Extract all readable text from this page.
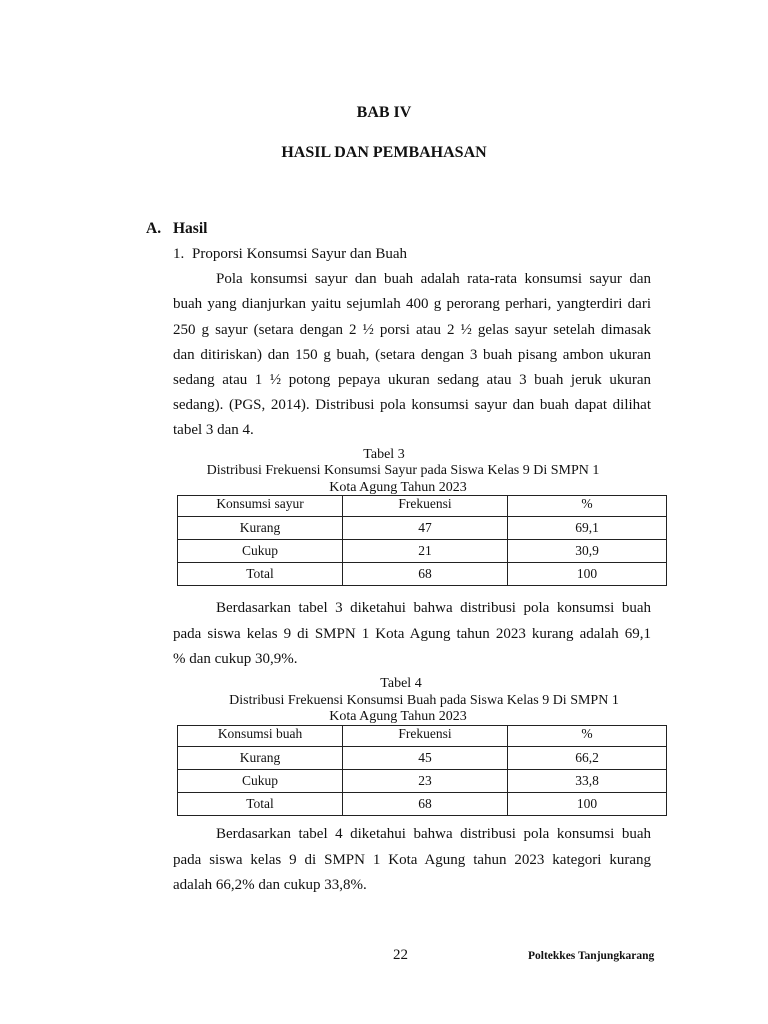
BAB IV
HASIL DAN PEMBAHASAN
A. Hasil
1. Proporsi Konsumsi Sayur dan Buah
Pola konsumsi sayur dan buah adalah rata-rata konsumsi sayur dan
buah yang dianjurkan yaitu sejumlah 400 g perorang perhari, yangterdiri dari
250 g sayur (setara dengan 2 ½ porsi atau 2 ½ gelas sayur setelah dimasak
dan ditiriskan) dan 150 g buah, (setara dengan 3 buah pisang ambon ukuran
sedang atau 1 ½ potong pepaya ukuran sedang atau 3 buah jeruk ukuran
sedang). (PGS, 2014). Distribusi pola konsumsi sayur dan buah dapat dilihat
tabel 3 dan 4.
Tabel 3
Distribusi Frekuensi Konsumsi Sayur pada Siswa Kelas 9 Di SMPN 1
Kota Agung Tahun 2023
Konsumsi sayur	Frekuensi	%
Kurang	47	69,1
Cukup	21	30,9
Total	68	100
Berdasarkan tabel 3 diketahui bahwa distribusi pola konsumsi buah
pada siswa kelas 9 di SMPN 1 Kota Agung tahun 2023 kurang adalah 69,1
% dan cukup 30,9%.
Tabel 4
Distribusi Frekuensi Konsumsi Buah pada Siswa Kelas 9 Di SMPN 1
Kota Agung Tahun 2023
Konsumsi buah	Frekuensi	%
Kurang	45	66,2
Cukup	23	33,8
Total	68	100
Berdasarkan tabel 4 diketahui bahwa distribusi pola konsumsi buah
pada siswa kelas 9 di SMPN 1 Kota Agung tahun 2023 kategori kurang
adalah 66,2% dan cukup 33,8%.
22	Poltekkes Tanjungkarang
